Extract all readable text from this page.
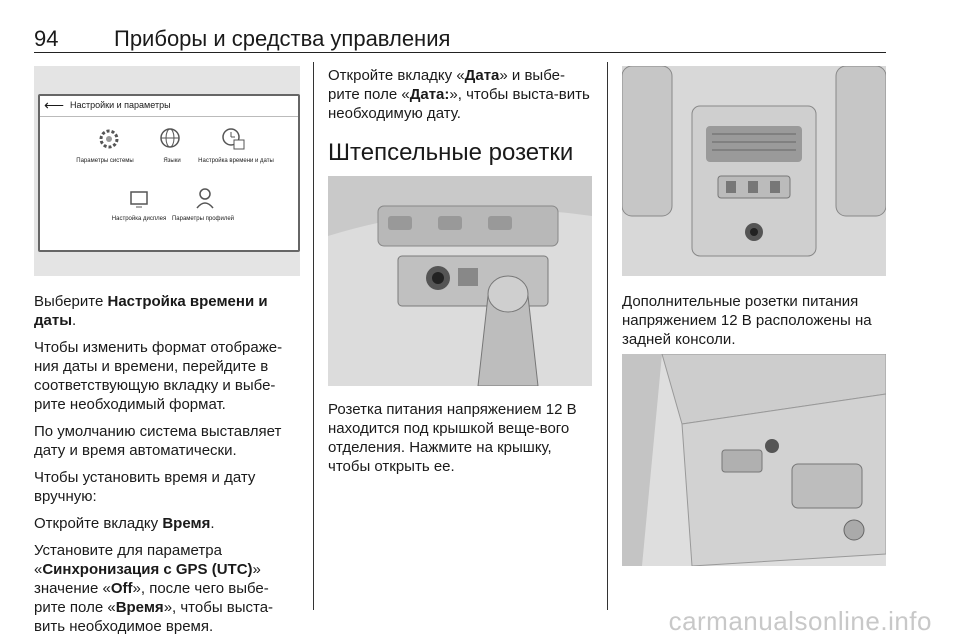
94	Приборы и средства управления
⟵ Настройки и параметры
Параметры системы	Языки	Настройка времени и даты
Настройка дисплея Параметры профилей

Выберите Настройка времени и даты.

Чтобы изменить формат отображе-ния даты и времени, перейдите в соответствующую вкладку и выбе-рите необходимый формат.

По умолчанию система выставляет дату и время автоматически.

Чтобы установить время и дату вручную:

Откройте вкладку Время.

Установите для параметра «Синхронизация с GPS (UTC)» значение «Off», после чего выбе-рите поле «Время», чтобы выста-вить необходимое время.

Откройте вкладку «Дата» и выбе-рите поле «Дата:», чтобы выста-вить необходимую дату.

Штепсельные розетки

Розетка питания напряжением 12 В находится под крышкой веще-вого отделения. Нажмите на крышку, чтобы открыть ее.

Дополнительные розетки питания напряжением 12 В расположены на задней консоли.

carmanualsonline.info
